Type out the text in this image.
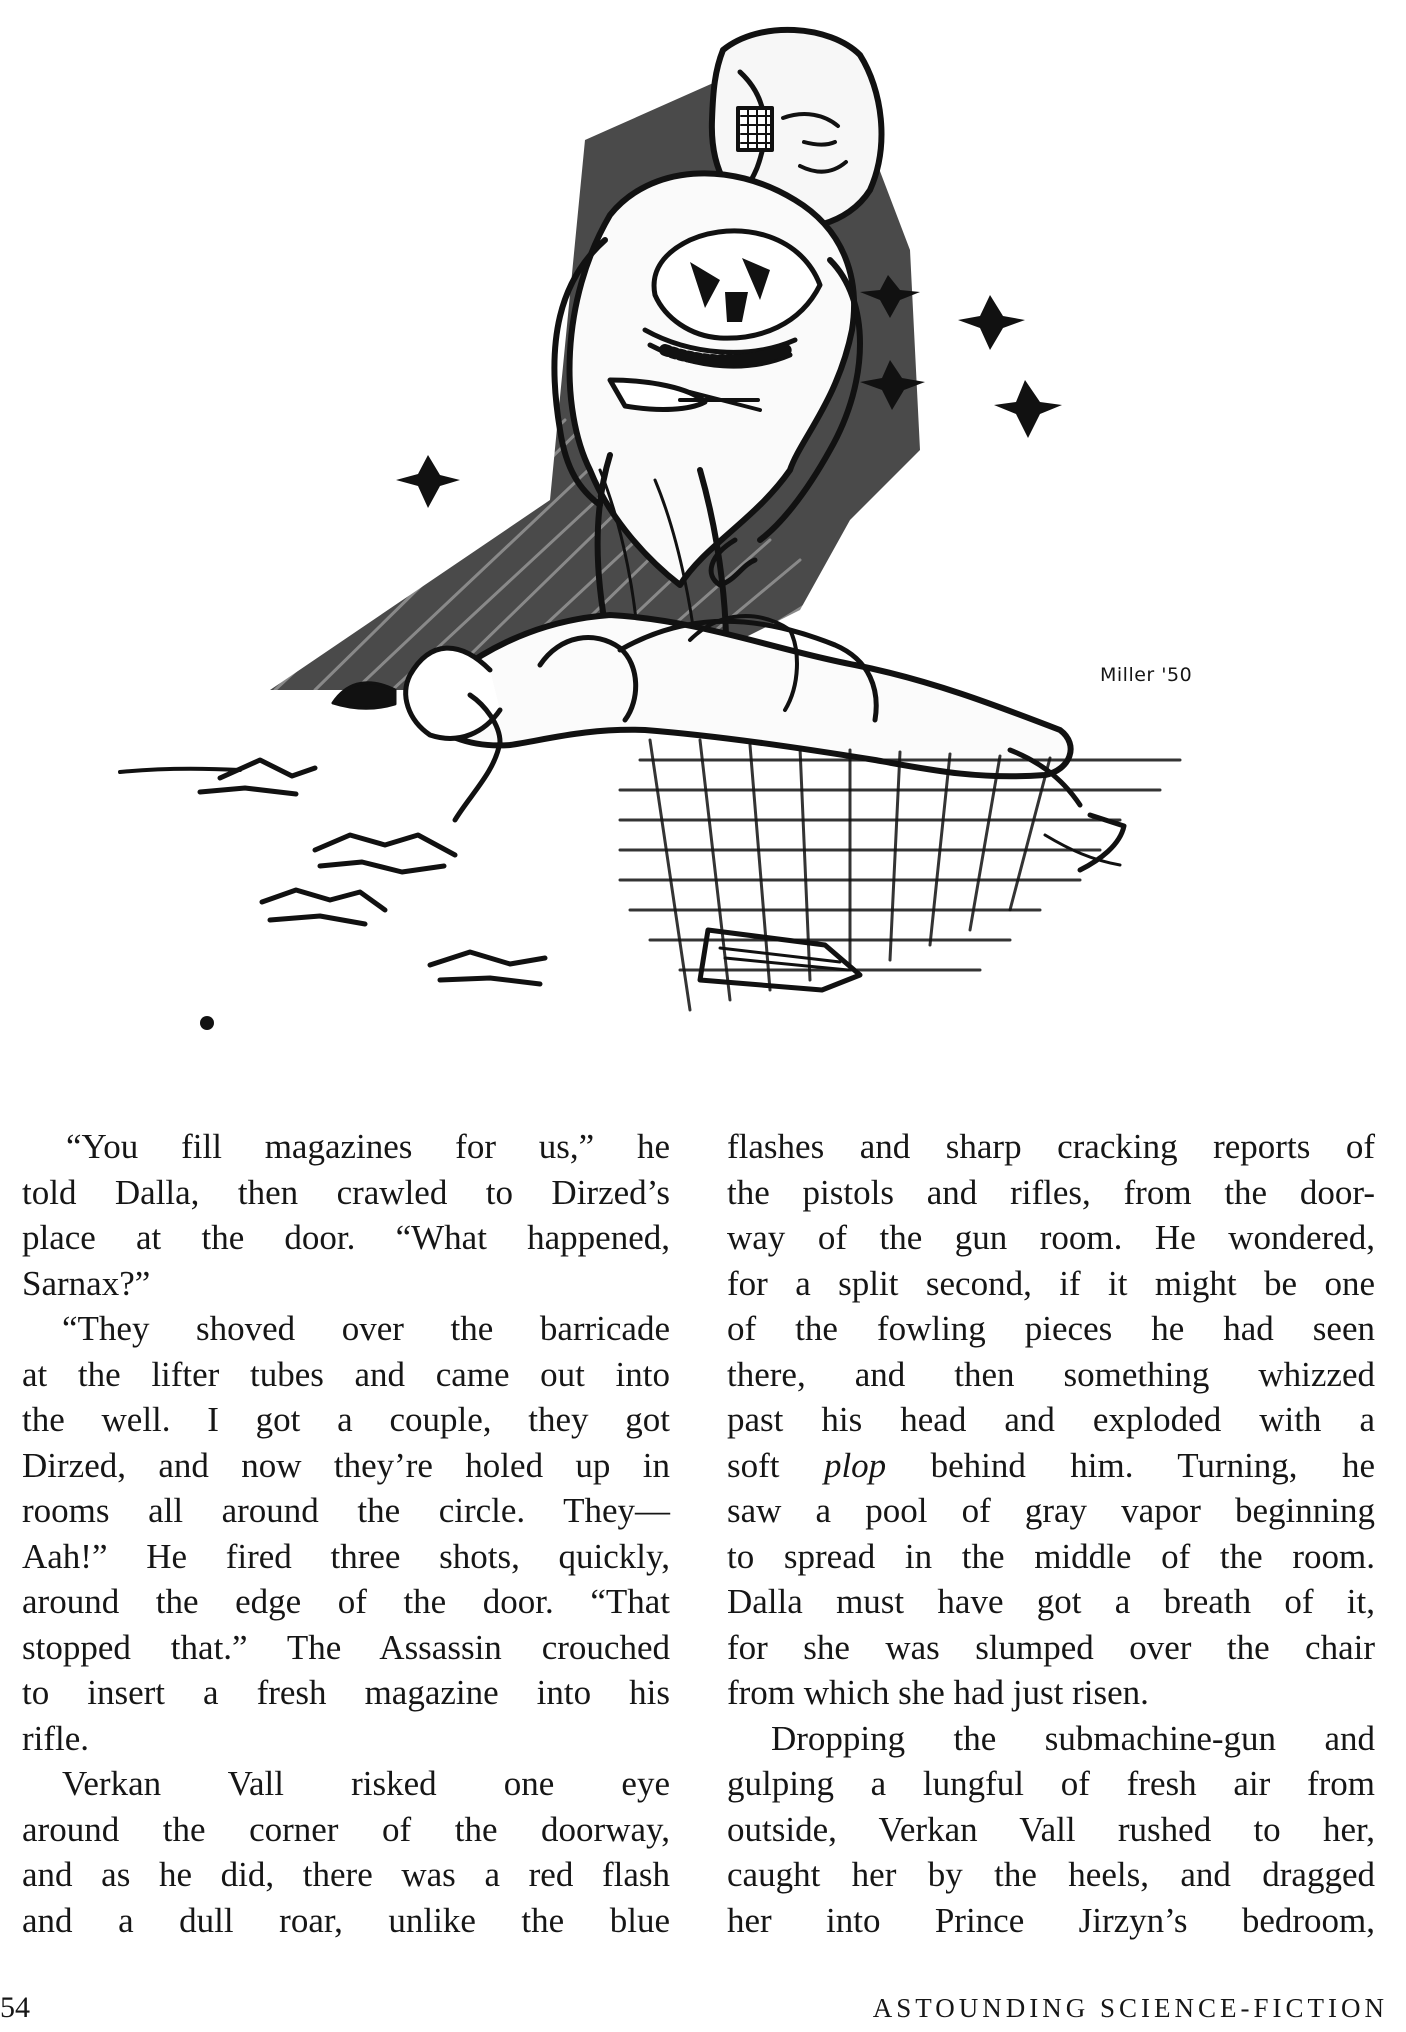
Miller '50
“You fill magazines for us,” he
told Dalla, then crawled to Dirzed’s
place at the door. “What happened,
Sarnax?”
“They shoved over the barricade
at the lifter tubes and came out into
the well. I got a couple, they got
Dirzed, and now they’re holed up in
rooms all around the circle. They—
Aah!” He fired three shots, quickly,
around the edge of the door. “That
stopped that.” The Assassin crouched
to insert a fresh magazine into his
rifle.
Verkan Vall risked one eye
around the corner of the doorway,
and as he did, there was a red flash
and a dull roar, unlike the blue
flashes and sharp cracking reports of
the pistols and rifles, from the door-
way of the gun room. He wondered,
for a split second, if it might be one
of the fowling pieces he had seen
there, and then something whizzed
past his head and exploded with a
soft plop behind him. Turning, he
saw a pool of gray vapor beginning
to spread in the middle of the room.
Dalla must have got a breath of it,
for she was slumped over the chair
from which she had just risen.
Dropping the submachine-gun and
gulping a lungful of fresh air from
outside, Verkan Vall rushed to her,
caught her by the heels, and dragged
her into Prince Jirzyn’s bedroom,
54	ASTOUNDING SCIENCE-FICTION
